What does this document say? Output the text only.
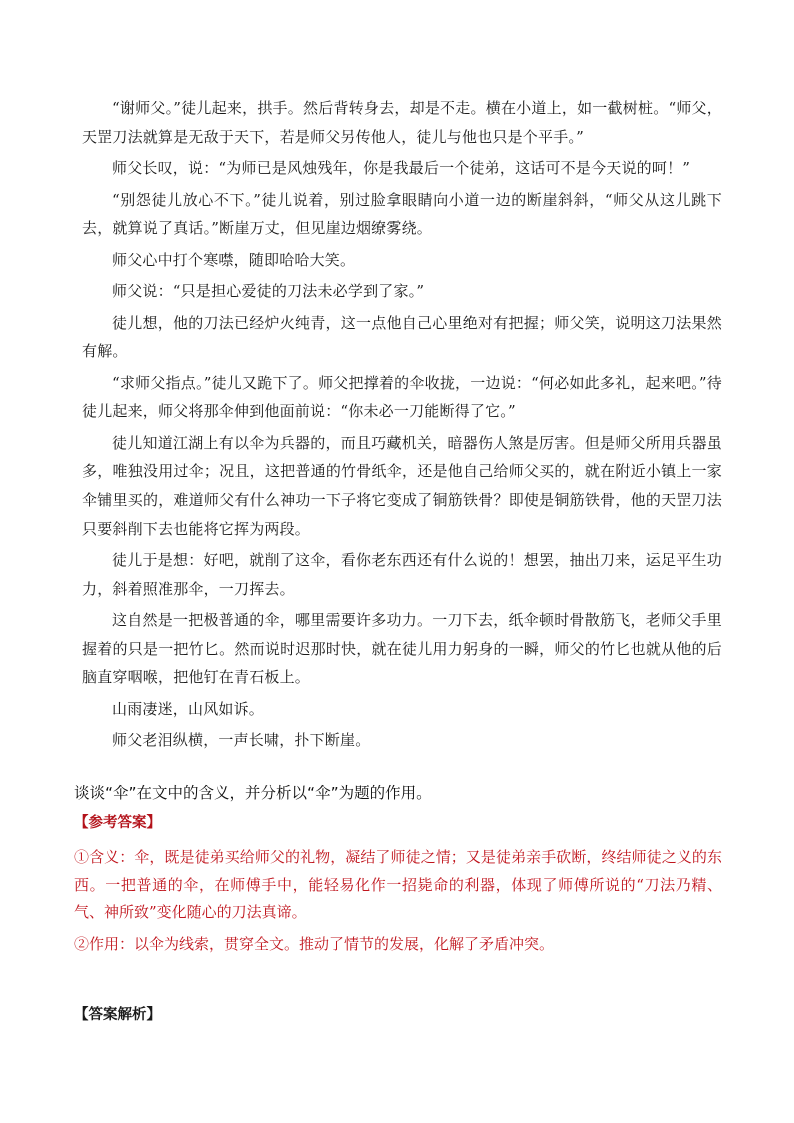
“谢师父。”徒儿起来，拱手。然后背转身去，却是不走。横在小道上，如一截树桩。“师父，天罡刀法就算是无敌于天下，若是师父另传他人，徒儿与他也只是个平手。”

师父长叹，说：“为师已是风烛残年，你是我最后一个徒弟，这话可不是今天说的呵！”

“别怨徒儿放心不下。”徒儿说着，别过脸拿眼睛向小道一边的断崖斜斜，“师父从这儿跳下去，就算说了真话。”断崖万丈，但见崖边烟缭雾绕。

师父心中打个寒噤，随即哈哈大笑。

师父说：“只是担心爱徒的刀法未必学到了家。”

徒儿想，他的刀法已经炉火纯青，这一点他自己心里绝对有把握；师父笑，说明这刀法果然有解。

“求师父指点。”徒儿又跪下了。师父把撑着的伞收拢，一边说：“何必如此多礼，起来吧。”待徒儿起来，师父将那伞伸到他面前说：“你未必一刀能断得了它。”

徒儿知道江湖上有以伞为兵器的，而且巧藏机关，暗器伤人煞是厉害。但是师父所用兵器虽多，唯独没用过伞；况且，这把普通的竹骨纸伞，还是他自己给师父买的，就在附近小镇上一家伞铺里买的，难道师父有什么神功一下子将它变成了铜筋铁骨？即使是铜筋铁骨，他的天罡刀法只要斜削下去也能将它挥为两段。

徒儿于是想：好吧，就削了这伞，看你老东西还有什么说的！想罢，抽出刀来，运足平生功力，斜着照准那伞，一刀挥去。

这自然是一把极普通的伞，哪里需要许多功力。一刀下去，纸伞顿时骨散筋飞，老师父手里握着的只是一把竹匕。然而说时迟那时快，就在徒儿用力躬身的一瞬，师父的竹匕也就从他的后脑直穿咽喉，把他钉在青石板上。

山雨凄迷，山风如诉。

师父老泪纵横，一声长啸，扑下断崖。

谈谈“伞”在文中的含义，并分析以“伞”为题的作用。
【参考答案】

①含义：伞，既是徒弟买给师父的礼物，凝结了师徒之情；又是徒弟亲手砍断，终结师徒之义的东西。一把普通的伞，在师傅手中，能轻易化作一招毙命的利器，体现了师傅所说的“刀法乃精、气、神所致”变化随心的刀法真谛。

②作用：以伞为线索，贯穿全文。推动了情节的发展，化解了矛盾冲突。

【答案解析】
